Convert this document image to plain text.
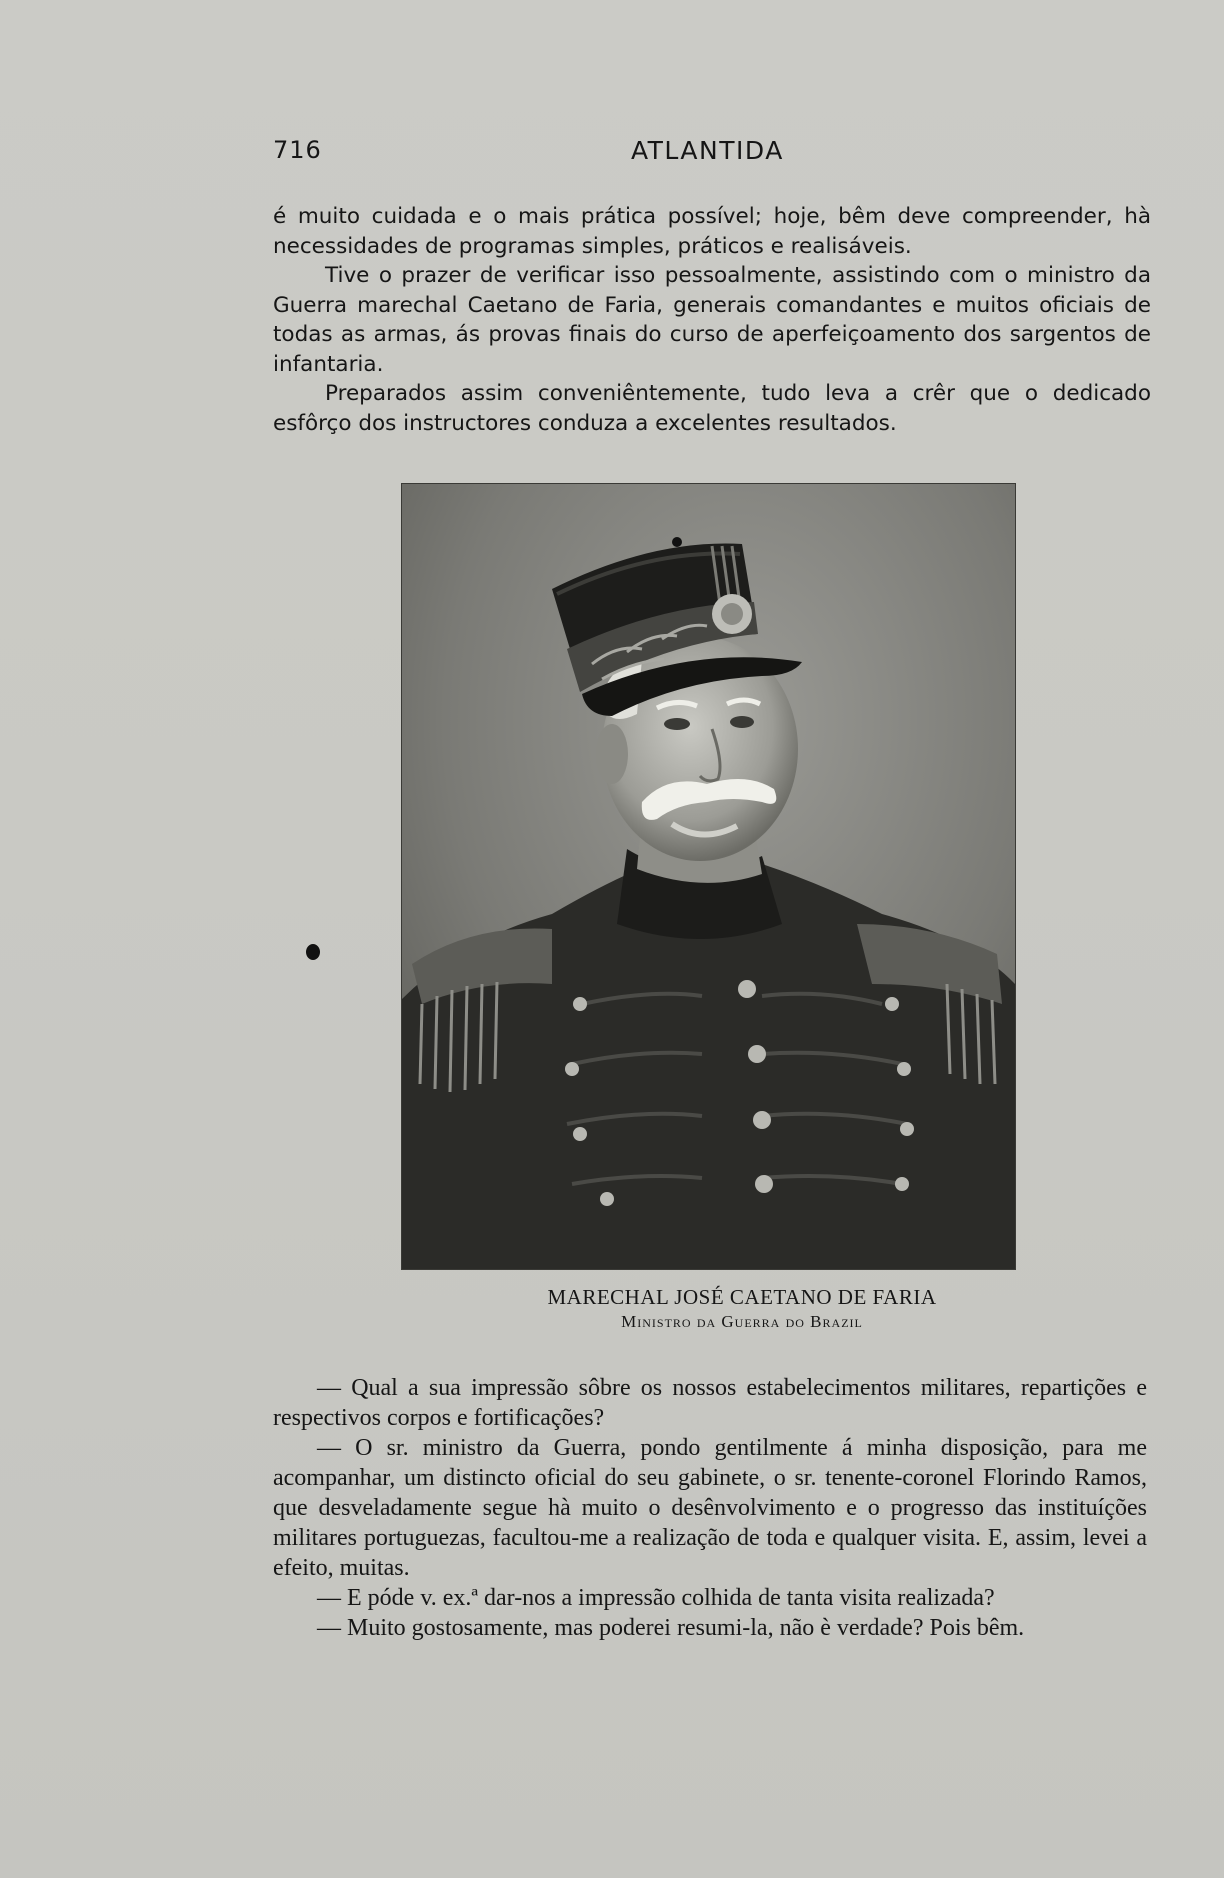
716	ATLANTIDA

é muito cuidada e o mais prática possível; hoje, bêm deve compreender, hà necessidades de programas simples, práticos e realisáveis.

Tive o prazer de verificar isso pessoalmente, assistindo com o ministro da Guerra marechal Caetano de Faria, generais comandantes e muitos oficiais de todas as armas, ás provas finais do curso de aperfeiçoamento dos sargentos de infantaria.

Preparados assim conveniêntemente, tudo leva a crêr que o dedicado esfôrço dos instructores conduza a excelentes resultados.

MARECHAL JOSÉ CAETANO DE FARIA
Ministro da Guerra do Brazil

— Qual a sua impressão sôbre os nossos estabelecimentos militares, repartições e respectivos corpos e fortificações?

— O sr. ministro da Guerra, pondo gentilmente á minha disposição, para me acompanhar, um distincto oficial do seu gabinete, o sr. tenente-coronel Florindo Ramos, que desveladamente segue hà muito o desênvolvimento e o progresso das instituíções militares portuguezas, facultou-me a realização de toda e qualquer visita. E, assim, levei a efeito, muitas.

— E póde v. ex.ª dar-nos a impressão colhida de tanta visita realizada?

— Muito gostosamente, mas poderei resumi-la, não è verdade? Pois bêm.
